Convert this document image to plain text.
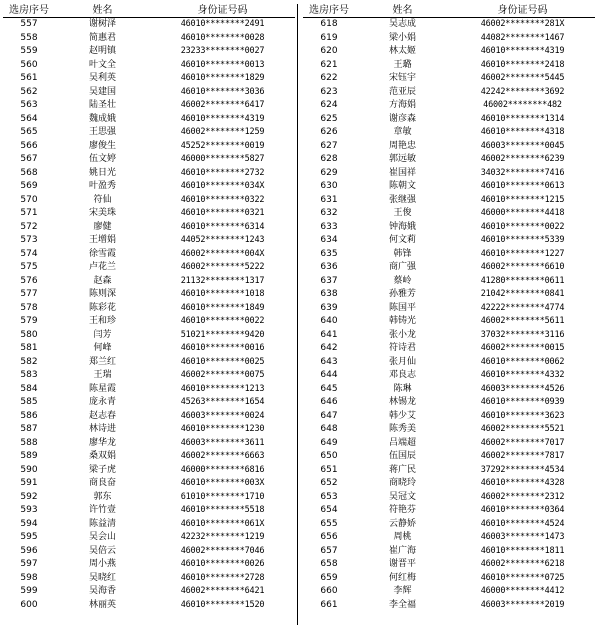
选房序号	姓名	身份证号码
557	谢树泽	46010********2491
558	简惠君	46010********0028
559	赵明镇	23233********0027
560	叶文全	46010********0013
561	吴利英	46010********1829
562	吴建国	46010********3036
563	陆圣壮	46002********6417
564	魏成娥	46010********4319
565	王思强	46002********1259
566	廖俊生	45252********0019
567	伍文婷	46000********5827
568	姚日光	46010********2732
569	叶盈秀	46010********034X
570	符仙	46010********0322
571	宋美珠	46010********0321
572	廖健	46010********6314
573	王增娟	44052********1243
574	徐雪霞	46002********004X
575	卢花兰	46002********5222
576	赵森	21132********1317
577	陈则深	46010********1018
578	陈彩花	46010********1849
579	王和珍	46010********0022
580	闫芳	51021********9420
581	何峰	46010********0016
582	郑兰红	46010********0025
583	王瑞	46002********0075
584	陈星霞	46010********1213
585	庞永青	45263********1654
586	赵志春	46003********0024
587	林诗进	46010********1230
588	廖华龙	46003********3611
589	桑双娟	46002********6663
590	梁子虎	46000********6816
591	商良奋	46010********003X
592	郭东	61010********1710
593	许竹壹	46010********5518
594	陈益清	46010********061X
595	吴会山	42232********1219
596	吴倍云	46002********7046
597	周小燕	46010********0026
598	吴晓红	46010********2728
599	吴海香	46002********6421
600	林丽英	46010********1520
选房序号	姓名	身份证号码
618	吴志成	46002********281X
619	梁小娟	44082********1467
620	林太姬	46010********4319
621	王璐	46010********2418
622	宋钰宇	46002********5445
623	范亚辰	42242********3692
624	方海娟	46002********482
625	谢彦森	46010********1314
626	章敏	46010********4318
627	周艳忠	46003********0045
628	郭远敏	46002********6239
629	崔国祥	34032********7416
630	陈朝文	46010********0613
631	张继强	46010********1215
632	王俊	46000********4418
633	钟海娥	46010********0022
634	何文莉	46010********5339
635	韩锋	46010********1227
636	商广强	46002********6610
637	蔡岭	41280********0611
638	孙雅芳	21042********0841
639	陈国平	42222********4774
640	韩铸光	46002********5611
641	张小龙	37032********3116
642	符诗君	46002********0015
643	张月仙	46010********0062
644	邓良志	46010********4332
645	陈琳	46003********4526
646	林锡龙	46010********0939
647	韩少艾	46010********3623
648	陈秀美	46002********5521
649	吕端超	46002********7017
650	伍国辰	46002********7817
651	蒋广民	37292********4534
652	商晓玲	46010********4328
653	吴冠文	46002********2312
654	符艳芬	46010********0364
655	云静娇	46010********4524
656	周桃	46003********1473
657	崔广海	46010********1811
658	谢晋平	46002********6218
659	何红梅	46010********0725
660	李辉	46000********4412
661	李全福	46003********2019
